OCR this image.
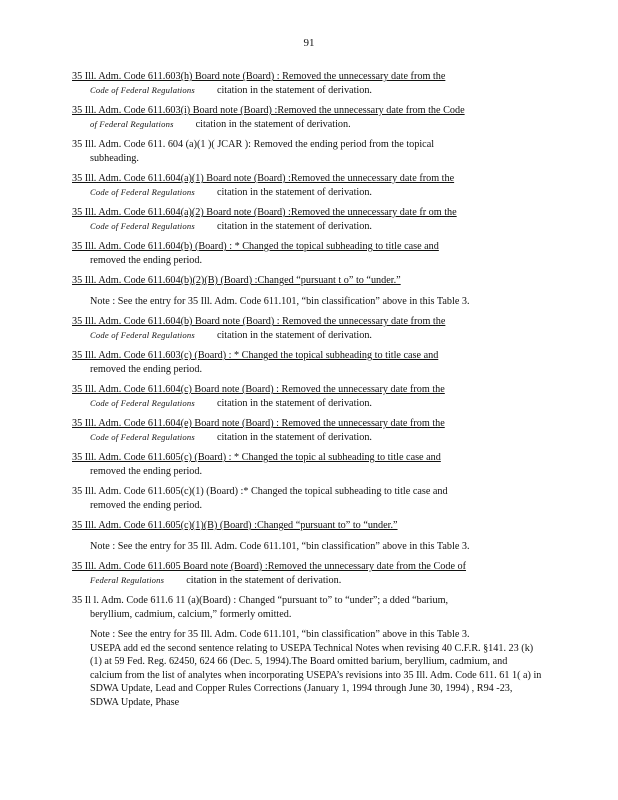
91
35 Ill. Adm. Code 611.603(h) Board note (Board) : Removed the unnecessary date from the
Code of Federal Regulations citation in the statement of derivation.
35 Ill. Adm. Code 611.603(i) Board note (Board) :Removed the unnecessary date from the Code
of Federal Regulations citation in the statement of derivation.
35 Ill. Adm. Code 611. 604 (a)(1 )( JCAR ): Removed the ending period from the topical
subheading.
35 Ill. Adm. Code 611.604(a)(1) Board note (Board) :Removed the unnecessary date from the
Code of Federal Regulations citation in the statement of derivation.
35 Ill. Adm. Code 611.604(a)(2) Board note (Board) :Removed the unnecessary date fr om the
Code of Federal Regulations citation in the statement of derivation.
35 Ill. Adm. Code 611.604(b) (Board) : * Changed the topical subheading to title case and
removed the ending period.
35 Ill. Adm. Code 611.604(b)(2)(B) (Board) :Changed “pursuant t o” to “under.”
Note : See the entry for 35 Ill. Adm. Code 611.101, “bin classification” above in this Table 3.
35 Ill. Adm. Code 611.604(b) Board note (Board) : Removed the unnecessary date from the
Code of Federal Regulations citation in the statement of derivation.
35 Ill. Adm. Code 611.603(c) (Board) : * Changed the topical subheading to title case and
removed the ending period.
35 Ill. Adm. Code 611.604(c) Board note (Board) : Removed the unnecessary date from the
Code of Federal Regulations citation in the statement of derivation.
35 Ill. Adm. Code 611.604(e) Board note (Board) : Removed the unnecessary date from the
Code of Federal Regulations citation in the statement of derivation.
35 Ill. Adm. Code 611.605(c) (Board) : * Changed the topic al subheading to title case and
removed the ending period.
35 Ill. Adm. Code 611.605(c)(1) (Board) :* Changed the topical subheading to title case and
removed the ending period.
35 Ill. Adm. Code 611.605(c)(1)(B) (Board) :Changed “pursuant to” to “under.”
Note : See the entry for 35 Ill. Adm. Code 611.101, “bin classification” above in this Table 3.
35 Ill. Adm. Code 611.605 Board note (Board) :Removed the unnecessary date from the Code of
Federal Regulations citation in the statement of derivation.
35 Il l. Adm. Code 611.6 11 (a)(Board) : Changed “pursuant to” to “under”; a dded “barium,
beryllium, cadmium, calcium,” formerly omitted.
Note : See the entry for 35 Ill. Adm. Code 611.101, “bin classification” above in this Table 3.
USEPA add ed the second sentence relating to USEPA Technical Notes when revising 40 C.F.R. §141. 23 (k)(1) at 59 Fed. Reg. 62450, 624 66 (Dec. 5, 1994).The Board omitted barium, beryllium, cadmium, and calcium from the list of analytes when incorporating USEPA’s revisions into 35 Ill. Adm. Code 611. 61 1( a) in SDWA Update, Lead and Copper Rules Corrections (January 1, 1994 through June 30, 1994) , R94 -23, SDWA Update, Phase
